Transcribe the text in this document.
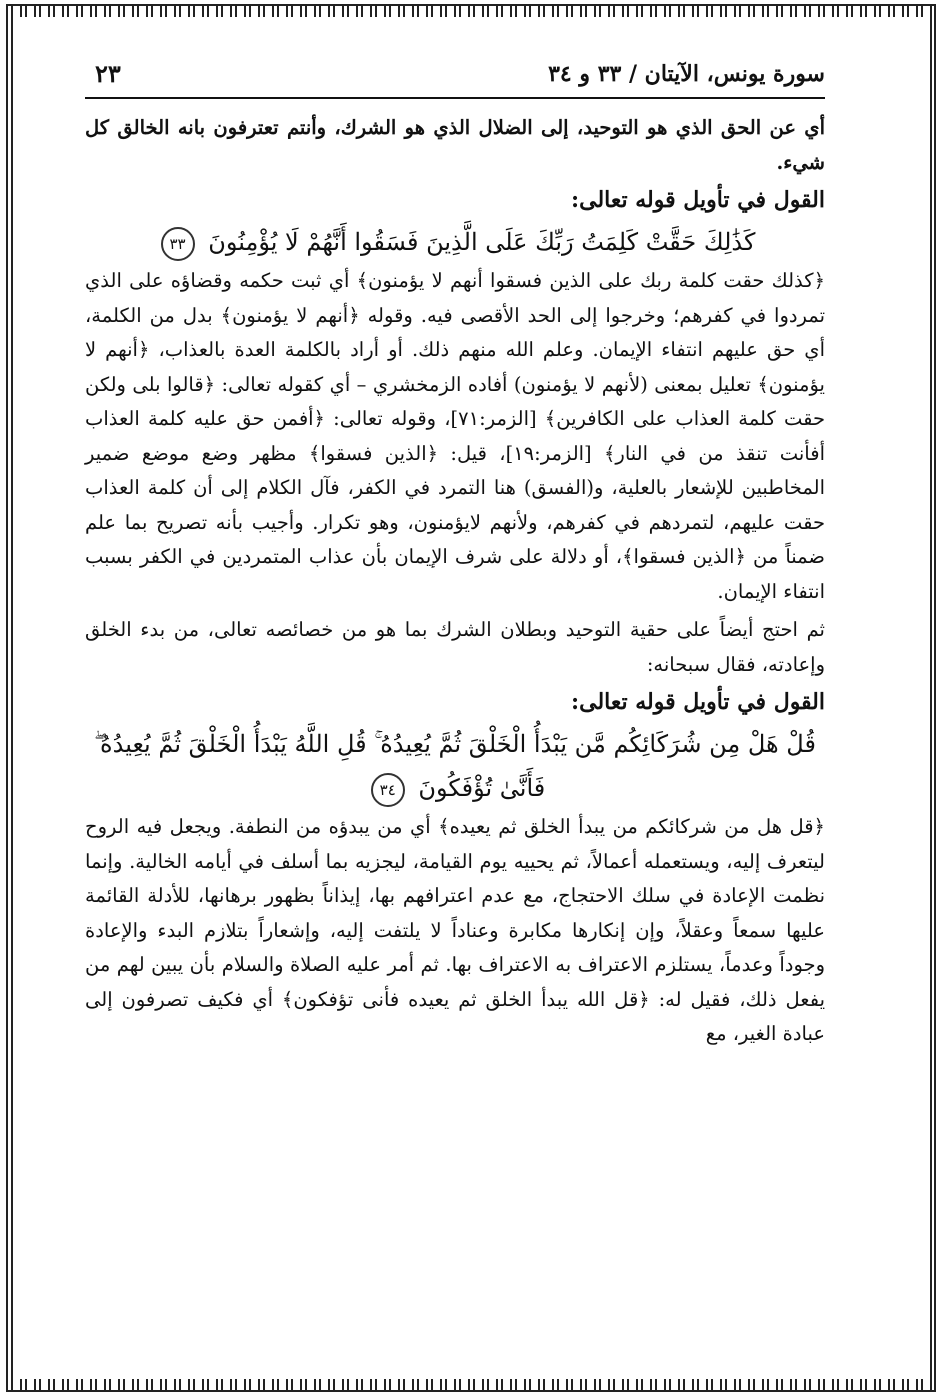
سورة يونس، الآيتان / ٣٣ و ٣٤
٢٣

أي عن الحق الذي هو التوحيد، إلى الضلال الذي هو الشرك، وأنتم تعترفون بانه الخالق كل شيء.

القول في تأويل قوله تعالى:

كَذَٰلِكَ حَقَّتْ كَلِمَتُ رَبِّكَ عَلَى الَّذِينَ فَسَقُوا أَنَّهُمْ لَا يُؤْمِنُونَ ٣٣

﴿كذلك حقت كلمة ربك على الذين فسقوا أنهم لا يؤمنون﴾ أي ثبت حكمه وقضاؤه على الذي تمردوا في كفرهم؛ وخرجوا إلى الحد الأقصى فيه. وقوله ﴿أنهم لا يؤمنون﴾ بدل من الكلمة، أي حق عليهم انتفاء الإيمان. وعلم الله منهم ذلك. أو أراد بالكلمة العدة بالعذاب، ﴿أنهم لا يؤمنون﴾ تعليل بمعنى (لأنهم لا يؤمنون) أفاده الزمخشري – أي كقوله تعالى: ﴿قالوا بلى ولكن حقت كلمة العذاب على الكافرين﴾ [الزمر:٧١]، وقوله تعالى: ﴿أفمن حق عليه كلمة العذاب أفأنت تنقذ من في النار﴾ [الزمر:١٩]، قيل: ﴿الذين فسقوا﴾ مظهر وضع موضع ضمير المخاطبين للإشعار بالعلية، و(الفسق) هنا التمرد في الكفر، فآل الكلام إلى أن كلمة العذاب حقت عليهم، لتمردهم في كفرهم، ولأنهم لايؤمنون، وهو تكرار. وأجيب بأنه تصريح بما علم ضمناً من ﴿الذين فسقوا﴾، أو دلالة على شرف الإيمان بأن عذاب المتمردين في الكفر بسبب انتفاء الإيمان.

ثم احتج أيضاً على حقية التوحيد وبطلان الشرك بما هو من خصائصه تعالى، من بدء الخلق وإعادته، فقال سبحانه:

القول في تأويل قوله تعالى:

قُلْ هَلْ مِن شُرَكَائِكُم مَّن يَبْدَأُ الْخَلْقَ ثُمَّ يُعِيدُهُ ۚ قُلِ اللَّهُ يَبْدَأُ الْخَلْقَ ثُمَّ يُعِيدُهُ ۖ فَأَنَّىٰ تُؤْفَكُونَ ٣٤

﴿قل هل من شركائكم من يبدأ الخلق ثم يعيده﴾ أي من يبدؤه من النطفة. ويجعل فيه الروح ليتعرف إليه، ويستعمله أعمالاً، ثم يحييه يوم القيامة، ليجزيه بما أسلف في أيامه الخالية. وإنما نظمت الإعادة في سلك الاحتجاج، مع عدم اعترافهم بها، إيذاناً بظهور برهانها، للأدلة القائمة عليها سمعاً وعقلاً، وإن إنكارها مكابرة وعناداً لا يلتفت إليه، وإشعاراً بتلازم البدء والإعادة وجوداً وعدماً، يستلزم الاعتراف به الاعتراف بها. ثم أمر عليه الصلاة والسلام بأن يبين لهم من يفعل ذلك، فقيل له: ﴿قل الله يبدأ الخلق ثم يعيده فأنى تؤفكون﴾ أي فكيف تصرفون إلى عبادة الغير، مع
